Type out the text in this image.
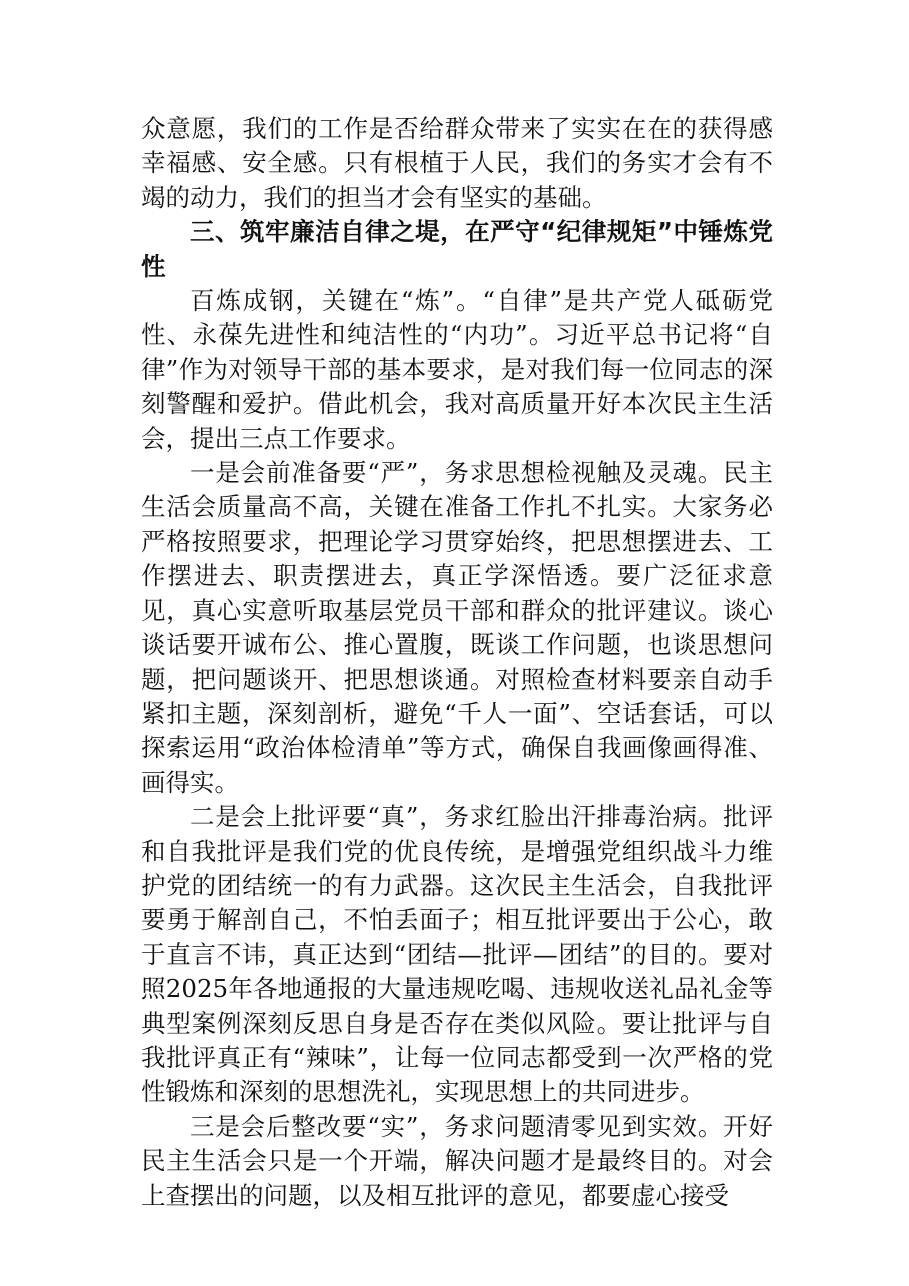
众意愿，我们的工作是否给群众带来了实实在在的获得感幸福感、安全感。只有根植于人民，我们的务实才会有不竭的动力，我们的担当才会有坚实的基础。

三、筑牢廉洁自律之堤，在严守“纪律规矩”中锤炼党性

百炼成钢，关键在“炼”。“自律”是共产党人砥砺党性、永葆先进性和纯洁性的“内功”。习近平总书记将“自律”作为对领导干部的基本要求，是对我们每一位同志的深刻警醒和爱护。借此机会，我对高质量开好本次民主生活会，提出三点工作要求。

一是会前准备要“严”，务求思想检视触及灵魂。民主生活会质量高不高，关键在准备工作扎不扎实。大家务必严格按照要求，把理论学习贯穿始终，把思想摆进去、工作摆进去、职责摆进去，真正学深悟透。要广泛征求意见，真心实意听取基层党员干部和群众的批评建议。谈心谈话要开诚布公、推心置腹，既谈工作问题，也谈思想问题，把问题谈开、把思想谈通。对照检查材料要亲自动手紧扣主题，深刻剖析，避免“千人一面”、空话套话，可以探索运用“政治体检清单”等方式，确保自我画像画得准、画得实。

二是会上批评要“真”，务求红脸出汗排毒治病。批评和自我批评是我们党的优良传统，是增强党组织战斗力维护党的团结统一的有力武器。这次民主生活会，自我批评要勇于解剖自己，不怕丢面子；相互批评要出于公心，敢于直言不讳，真正达到“团结—批评—团结”的目的。要对照2025年各地通报的大量违规吃喝、违规收送礼品礼金等典型案例深刻反思自身是否存在类似风险。要让批评与自我批评真正有“辣味”，让每一位同志都受到一次严格的党性锻炼和深刻的思想洗礼，实现思想上的共同进步。

三是会后整改要“实”，务求问题清零见到实效。开好民主生活会只是一个开端，解决问题才是最终目的。对会上查摆出的问题，以及相互批评的意见，都要虚心接受
